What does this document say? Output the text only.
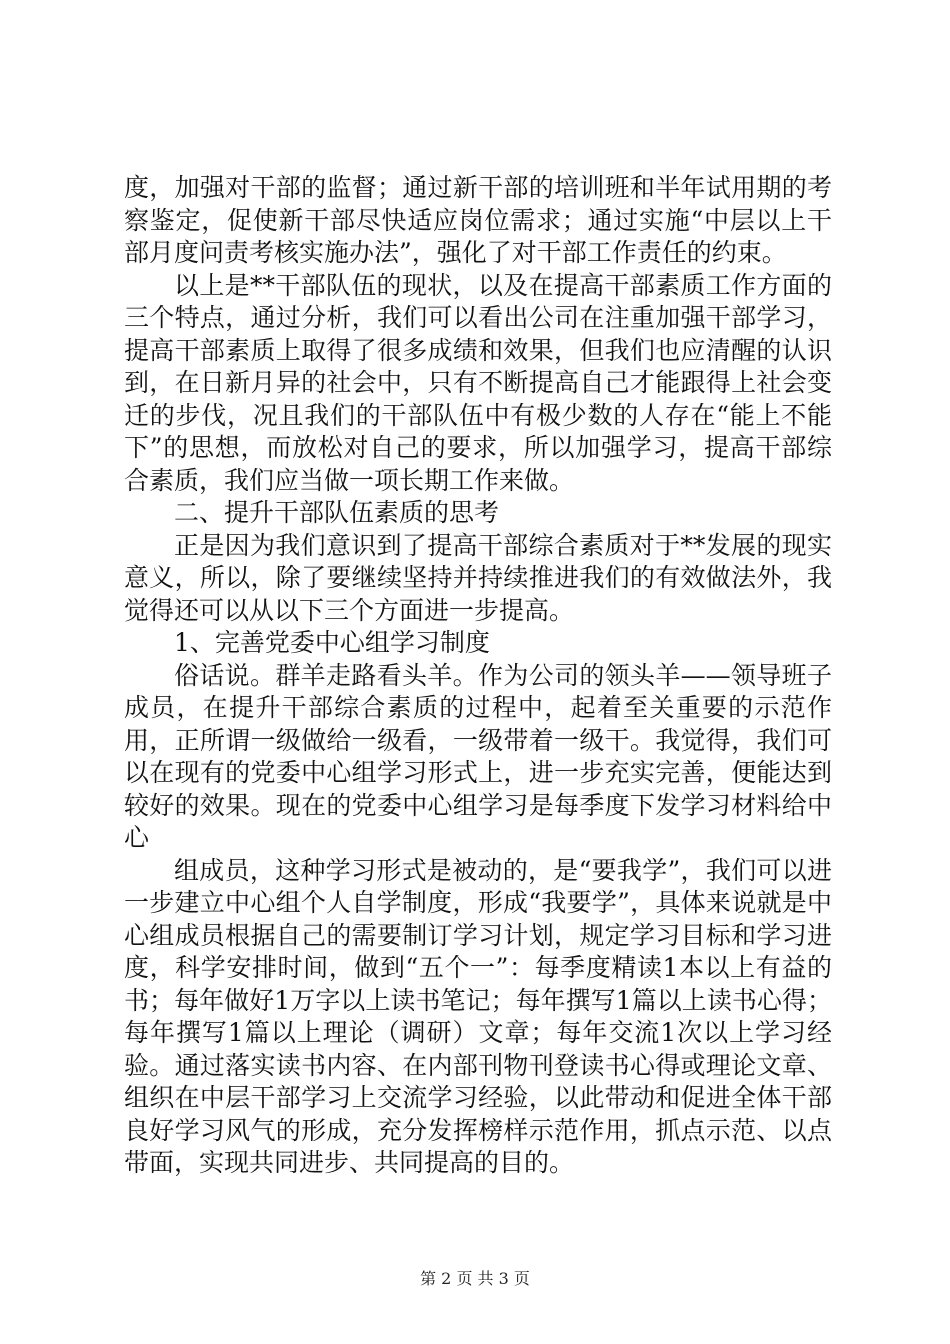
度，加强对干部的监督；通过新干部的培训班和半年试用期的考察鉴定，促使新干部尽快适应岗位需求；通过实施“中层以上干部月度问责考核实施办法”，强化了对干部工作责任的约束。

以上是**干部队伍的现状，以及在提高干部素质工作方面的三个特点，通过分析，我们可以看出公司在注重加强干部学习，提高干部素质上取得了很多成绩和效果，但我们也应清醒的认识到，在日新月异的社会中，只有不断提高自己才能跟得上社会变迁的步伐，况且我们的干部队伍中有极少数的人存在“能上不能下”的思想，而放松对自己的要求，所以加强学习，提高干部综合素质，我们应当做一项长期工作来做。

二、提升干部队伍素质的思考

正是因为我们意识到了提高干部综合素质对于**发展的现实意义，所以，除了要继续坚持并持续推进我们的有效做法外，我觉得还可以从以下三个方面进一步提高。

1、完善党委中心组学习制度

俗话说。群羊走路看头羊。作为公司的领头羊——领导班子成员，在提升干部综合素质的过程中，起着至关重要的示范作用，正所谓一级做给一级看，一级带着一级干。我觉得，我们可以在现有的党委中心组学习形式上，进一步充实完善，便能达到较好的效果。现在的党委中心组学习是每季度下发学习材料给中心

组成员，这种学习形式是被动的，是“要我学”，我们可以进一步建立中心组个人自学制度，形成“我要学”，具体来说就是中心组成员根据自己的需要制订学习计划，规定学习目标和学习进度，科学安排时间，做到“五个一”：每季度精读1本以上有益的书；每年做好1万字以上读书笔记；每年撰写1篇以上读书心得；每年撰写1篇以上理论（调研）文章；每年交流1次以上学习经验。通过落实读书内容、在内部刊物刊登读书心得或理论文章、组织在中层干部学习上交流学习经验，以此带动和促进全体干部良好学习风气的形成，充分发挥榜样示范作用，抓点示范、以点带面，实现共同进步、共同提高的目的。

第 2 页 共 3 页
